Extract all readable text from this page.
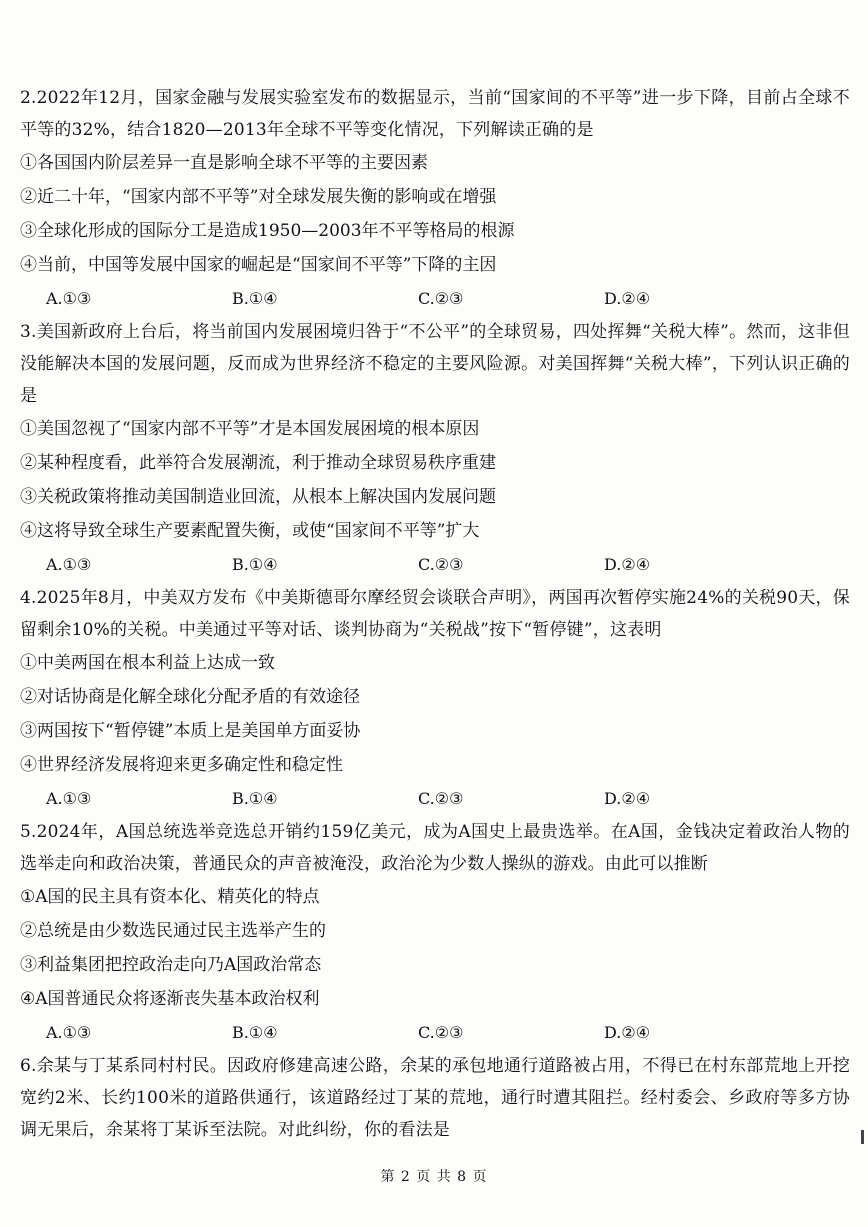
2.2022年12月，国家金融与发展实验室发布的数据显示，当前“国家间的不平等”进一步下降，目前占全球不平等的32%，结合1820—2013年全球不平等变化情况，下列解读正确的是

①各国国内阶层差异一直是影响全球不平等的主要因素

②近二十年，“国家内部不平等”对全球发展失衡的影响或在增强

③全球化形成的国际分工是造成1950—2003年不平等格局的根源

④当前，中国等发展中国家的崛起是“国家间不平等”下降的主因

A.①③	B.①④	C.②③	D.②④

3.美国新政府上台后，将当前国内发展困境归咎于“不公平”的全球贸易，四处挥舞“关税大棒”。然而，这非但没能解决本国的发展问题，反而成为世界经济不稳定的主要风险源。对美国挥舞“关税大棒”，下列认识正确的是

①美国忽视了“国家内部不平等”才是本国发展困境的根本原因

②某种程度看，此举符合发展潮流，利于推动全球贸易秩序重建

③关税政策将推动美国制造业回流，从根本上解决国内发展问题

④这将导致全球生产要素配置失衡，或使“国家间不平等”扩大

A.①③	B.①④	C.②③	D.②④

4.2025年8月，中美双方发布《中美斯德哥尔摩经贸会谈联合声明》，两国再次暂停实施24%的关税90天，保留剩余10%的关税。中美通过平等对话、谈判协商为“关税战”按下“暂停键”，这表明

①中美两国在根本利益上达成一致

②对话协商是化解全球化分配矛盾的有效途径

③两国按下“暂停键”本质上是美国单方面妥协

④世界经济发展将迎来更多确定性和稳定性

A.①③	B.①④	C.②③	D.②④

5.2024年，A国总统选举竞选总开销约159亿美元，成为A国史上最贵选举。在A国，金钱决定着政治人物的选举走向和政治决策，普通民众的声音被淹没，政治沦为少数人操纵的游戏。由此可以推断

①A国的民主具有资本化、精英化的特点

②总统是由少数选民通过民主选举产生的

③利益集团把控政治走向乃A国政治常态

④A国普通民众将逐渐丧失基本政治权利

A.①③	B.①④	C.②③	D.②④

6.余某与丁某系同村村民。因政府修建高速公路，余某的承包地通行道路被占用，不得已在村东部荒地上开挖宽约2米、长约100米的道路供通行，该道路经过丁某的荒地，通行时遭其阻拦。经村委会、乡政府等多方协调无果后，余某将丁某诉至法院。对此纠纷，你的看法是

第 2 页 共 8 页
